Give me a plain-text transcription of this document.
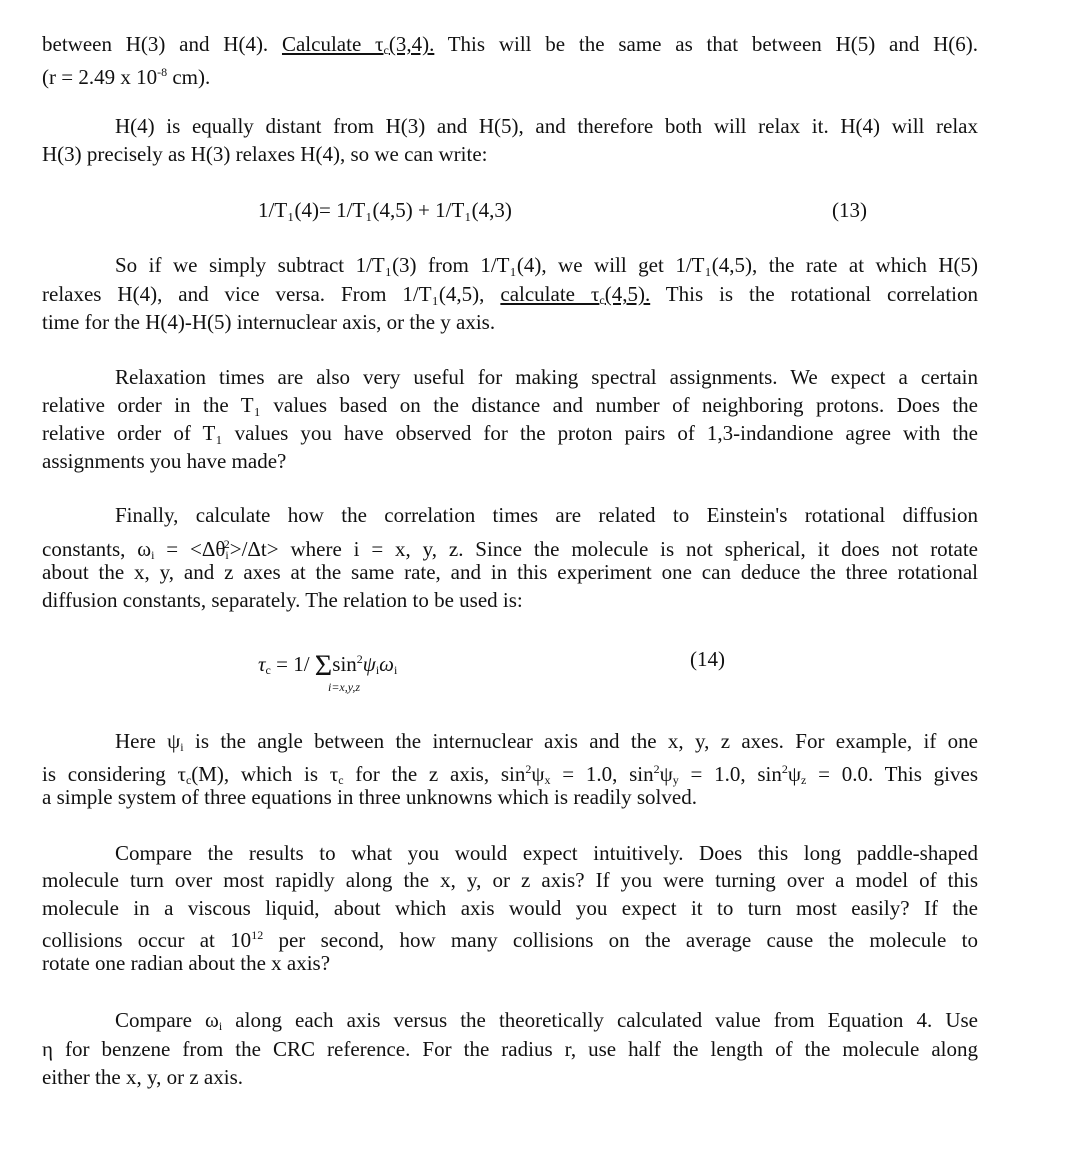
between H(3) and H(4). Calculate $\tau_c(3,4)$. This will be the same as that between H(5) and H(6).
(r = 2.49 x $10^{-8}$ cm).
H(4) is equally distant from H(3) and H(5), and therefore both will relax it. H(4) will relax
H(3) precisely as H(3) relaxes H(4), so we can write:
1/T₁(4)= 1/T₁(4,5) + 1/T₁(4,3)	(13)
So if we simply subtract 1/T₁(3) from 1/T₁(4), we will get 1/T₁(4,5), the rate at which H(5)
relaxes H(4), and vice versa. From 1/T₁(4,5), calculate $\tau_c(4,5)$. This is the rotational correlation
time for the H(4)-H(5) internuclear axis, or the y axis.
Relaxation times are also very useful for making spectral assignments. We expect a certain
relative order in the T₁ values based on the distance and number of neighboring protons. Does the
relative order of T₁ values you have observed for the proton pairs of 1,3-indandione agree with the
assignments you have made?
Finally, calculate how the correlation times are related to Einstein's rotational diffusion
constants, $\omega_i = <\Delta\theta_i^2>/\Delta t>$ where i = x, y, z. Since the molecule is not spherical, it does not rotate
about the x, y, and z axes at the same rate, and in this experiment one can deduce the three rotational
diffusion constants, separately. The relation to be used is:
$\tau_c = 1/$ $\Sigma\sin^2\psi_i\omega_i$
i=x,y,z
(14)
Here $\psi_i$ is the angle between the internuclear axis and the x, y, z axes. For example, if one
is considering $\tau_c(M)$, which is $\tau_c$ for the z axis, $\sin^2\psi_x = 1.0$, $\sin^2\psi_y = 1.0$, $\sin^2\psi_z = 0.0$. This gives
a simple system of three equations in three unknowns which is readily solved.
Compare the results to what you would expect intuitively. Does this long paddle-shaped
molecule turn over most rapidly along the x, y, or z axis? If you were turning over a model of this
molecule in a viscous liquid, about which axis would you expect it to turn most easily? If the
collisions occur at $10^{12}$ per second, how many collisions on the average cause the molecule to
rotate one radian about the x axis?
Compare $\omega_i$ along each axis versus the theoretically calculated value from Equation 4. Use
η for benzene from the CRC reference. For the radius r, use half the length of the molecule along
either the x, y, or z axis.
